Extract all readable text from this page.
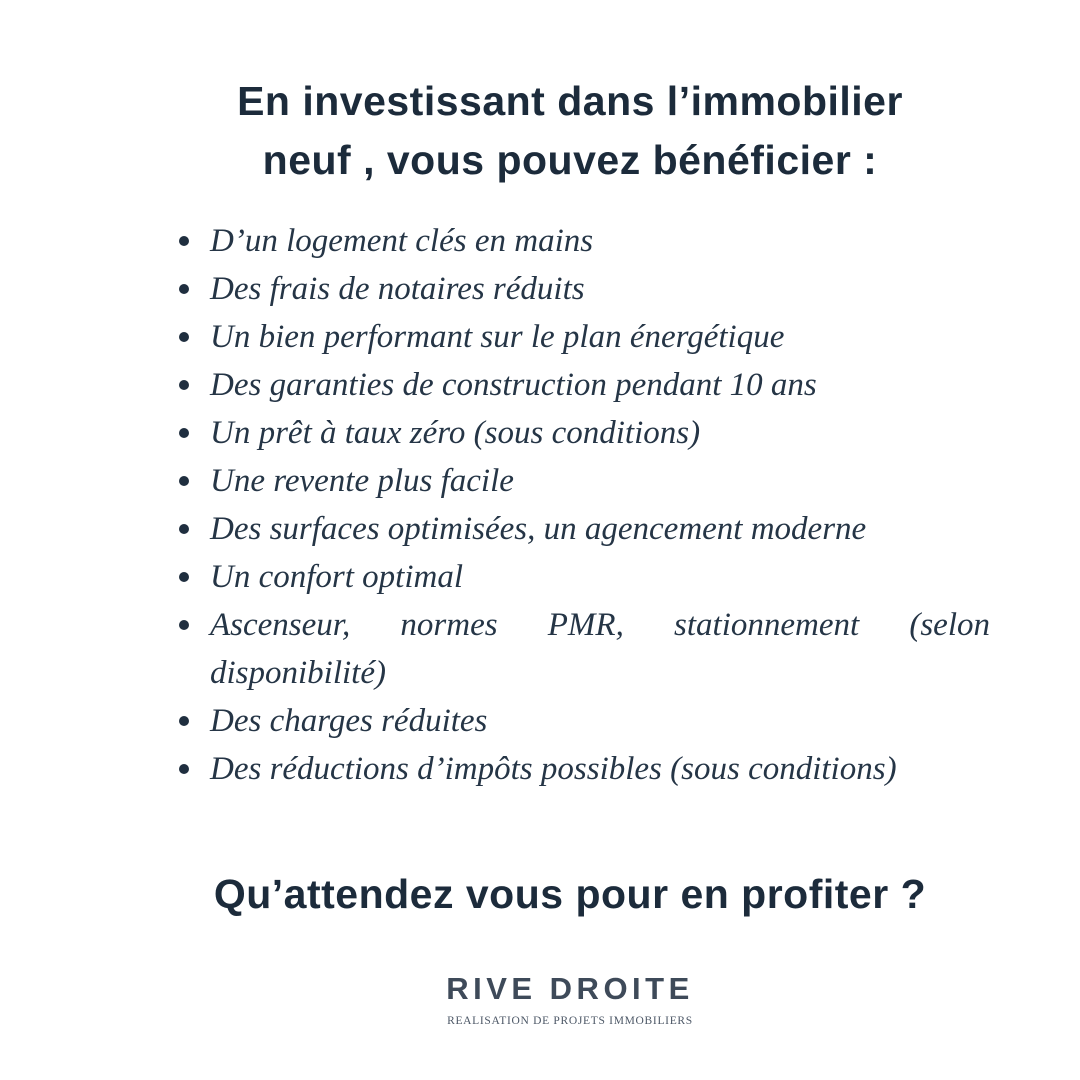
En investissant dans l’immobilier
neuf , vous pouvez bénéficier :
D’un logement clés en mains
Des frais de notaires réduits
Un bien performant sur le plan énergétique
Des garanties de construction pendant 10 ans
Un prêt à taux zéro (sous conditions)
Une revente plus facile
Des surfaces optimisées, un agencement moderne
Un confort optimal
Ascenseur, normes PMR, stationnement (selon disponibilité)
Des charges réduites
Des réductions d’impôts possibles (sous conditions)
Qu’attendez vous pour en profiter ?
RIVE DROITE
REALISATION DE PROJETS IMMOBILIERS
